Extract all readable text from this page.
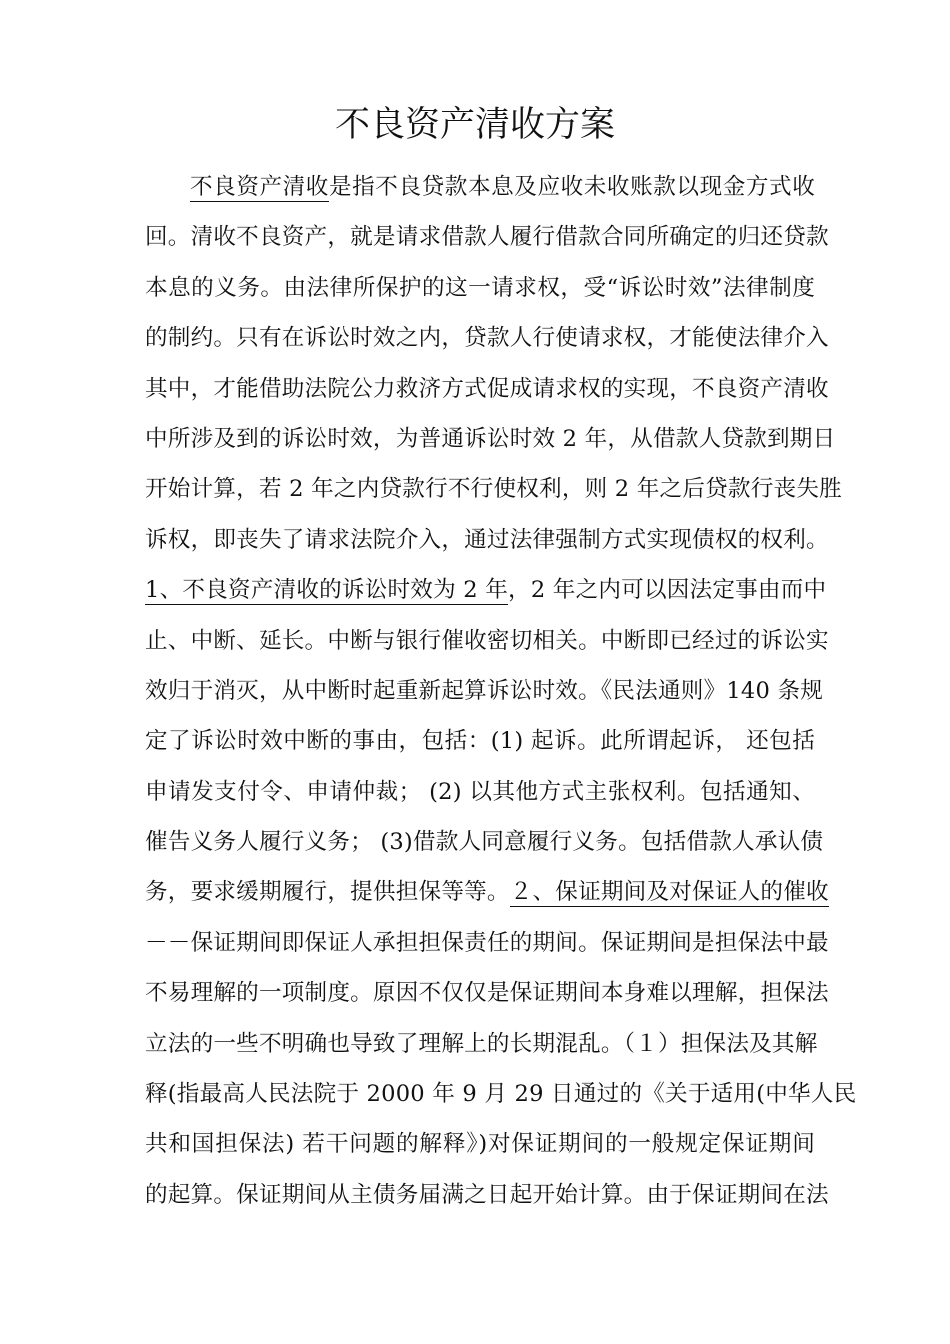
不良资产清收方案
不良资产清收是指不良贷款本息及应收未收账款以现金方式收
回。清收不良资产，就是请求借款人履行借款合同所确定的归还贷款
本息的义务。由法律所保护的这一请求权，受“诉讼时效”法律制度
的制约。只有在诉讼时效之内，贷款人行使请求权，才能使法律介入
其中，才能借助法院公力救济方式促成请求权的实现，不良资产清收
中所涉及到的诉讼时效，为普通诉讼时效 2 年，从借款人贷款到期日
开始计算，若 2 年之内贷款行不行使权利，则 2 年之后贷款行丧失胜
诉权，即丧失了请求法院介入，通过法律强制方式实现债权的权利。
1、不良资产清收的诉讼时效为 2 年，2 年之内可以因法定事由而中
止、中断、延长。中断与银行催收密切相关。中断即已经过的诉讼实
效归于消灭，从中断时起重新起算诉讼时效。《民法通则》140 条规
定了诉讼时效中断的事由，包括：(1) 起诉。此所谓起诉， 还包括
申请发支付令、申请仲裁； (2) 以其他方式主张权利。包括通知、
催告义务人履行义务； (3)借款人同意履行义务。包括借款人承认债
务，要求缓期履行，提供担保等等。２、保证期间及对保证人的催收
－－保证期间即保证人承担担保责任的期间。保证期间是担保法中最
不易理解的一项制度。原因不仅仅是保证期间本身难以理解，担保法
立法的一些不明确也导致了理解上的长期混乱。（１）担保法及其解
释(指最高人民法院于 2000 年 9 月 29 日通过的《关于适用(中华人民
共和国担保法) 若干问题的解释》)对保证期间的一般规定保证期间
的起算。保证期间从主债务届满之日起开始计算。由于保证期间在法
